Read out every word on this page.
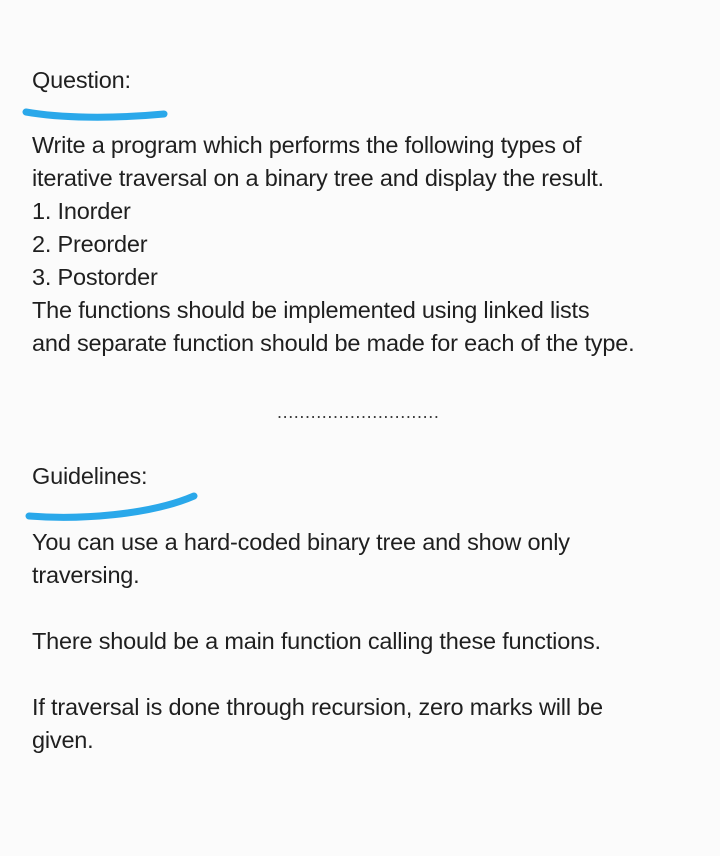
Question:
Write a program which performs the following types of
iterative traversal on a binary tree and display the result.
1. Inorder
2. Preorder
3. Postorder
The functions should be implemented using linked lists
and separate function should be made for each of the type.
.............................
Guidelines:
You can use a hard-coded binary tree and show only
traversing.
There should be a main function calling these functions.
If traversal is done through recursion, zero marks will be
given.
